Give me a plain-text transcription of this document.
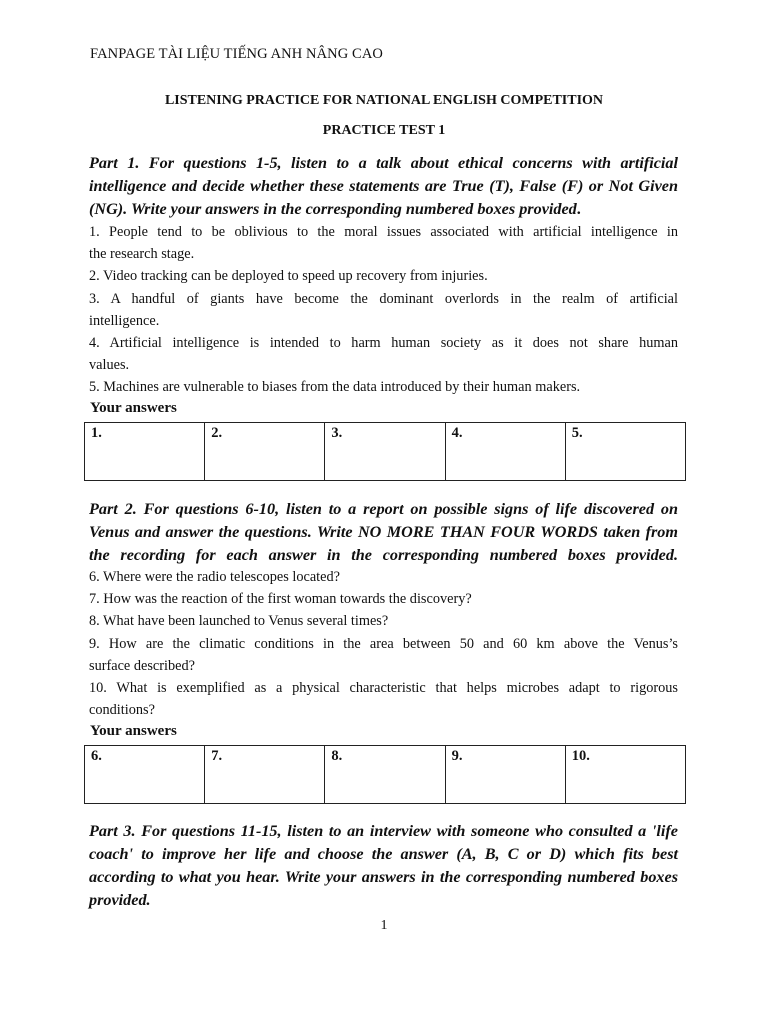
FANPAGE TÀI LIỆU TIẾNG ANH NÂNG CAO
LISTENING PRACTICE FOR NATIONAL ENGLISH COMPETITION
PRACTICE TEST 1
Part 1. For questions 1-5, listen to a talk about ethical concerns with artificial
intelligence and decide whether these statements are True (T), False (F) or Not Given
(NG). Write your answers in the corresponding numbered boxes provided .
1. People tend to be oblivious to the moral issues associated with artificial intelligence in
the research stage.
2. Video tracking can be deployed to speed up recovery from injuries.
3. A handful of giants have become the dominant overlords in the realm of artificial
intelligence.
4. Artificial intelligence is intended to harm human society as it does not share human
values.
5. Machines are vulnerable to biases from the data introduced by their human makers.
Your answers
1.	2.	3.	4.	5.
Part 2. For questions 6-10, listen to a report on possible signs of life discovered on
Venus and answer the questions. Write NO MORE THAN FOUR WORDS taken from
the recording for each answer in the corresponding numbered boxes provided.
6. Where were the radio telescopes located?
7. How was the reaction of the first woman towards the discovery?
8. What have been launched to Venus several times?
9. How are the climatic conditions in the area between 50 and 60 km above the Venus’s
surface described?
10. What is exemplified as a physical characteristic that helps microbes adapt to rigorous
conditions?
Your answers
6.	7.	8.	9.	10.
Part 3. For questions 11-15, listen to an interview with someone who consulted a 'life
coach' to improve her life and choose the answer (A, B, C or D) which fits best
according to what you hear. Write your answers in the corresponding numbered boxes
provided.
1
